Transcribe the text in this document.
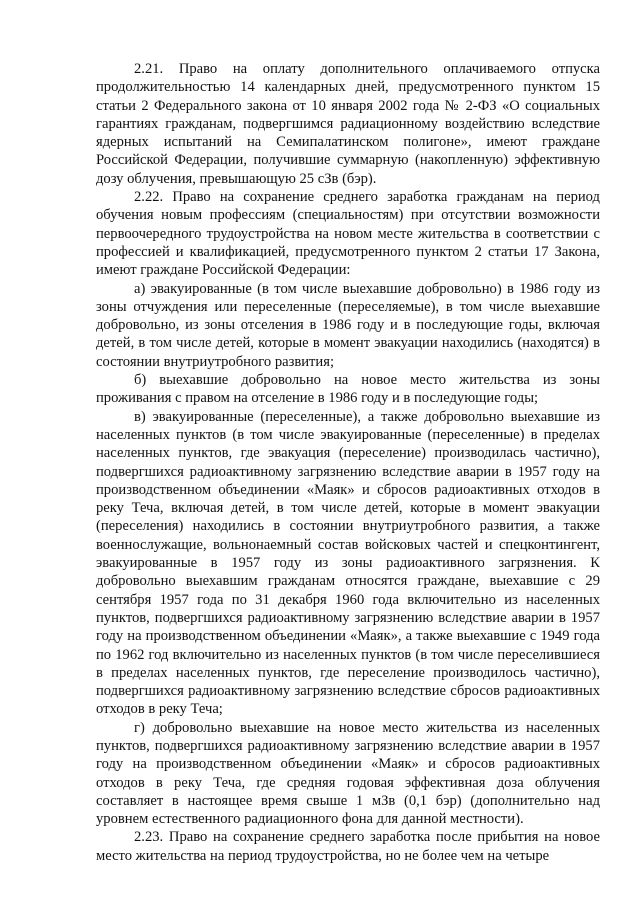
2.21. Право на оплату дополнительного оплачиваемого отпуска продолжительностью 14 календарных дней, предусмотренного пунктом 15 статьи 2 Федерального закона от 10 января 2002 года № 2-ФЗ «О социальных гарантиях гражданам, подвергшимся радиационному воздействию вследствие ядерных испытаний на Семипалатинском полигоне», имеют граждане Российской Федерации, получившие суммарную (накопленную) эффективную дозу облучения, превышающую 25 сЗв (бэр).

2.22. Право на сохранение среднего заработка гражданам на период обучения новым профессиям (специальностям) при отсутствии возможности первоочередного трудоустройства на новом месте жительства в соответствии с профессией и квалификацией, предусмотренного пунктом 2 статьи 17 Закона, имеют граждане Российской Федерации:

а) эвакуированные (в том числе выехавшие добровольно) в 1986 году из зоны отчуждения или переселенные (переселяемые), в том числе выехавшие добровольно, из зоны отселения в 1986 году и в последующие годы, включая детей, в том числе детей, которые в момент эвакуации находились (находятся) в состоянии внутриутробного развития;

б) выехавшие добровольно на новое место жительства из зоны проживания с правом на отселение в 1986 году и в последующие годы;

в) эвакуированные (переселенные), а также добровольно выехавшие из населенных пунктов (в том числе эвакуированные (переселенные) в пределах населенных пунктов, где эвакуация (переселение) производилась частично), подвергшихся радиоактивному загрязнению вследствие аварии в 1957 году на производственном объединении «Маяк» и сбросов радиоактивных отходов в реку Теча, включая детей, в том числе детей, которые в момент эвакуации (переселения) находились в состоянии внутриутробного развития, а также военнослужащие, вольнонаемный состав войсковых частей и спецконтингент, эвакуированные в 1957 году из зоны радиоактивного загрязнения. К добровольно выехавшим гражданам относятся граждане, выехавшие с 29 сентября 1957 года по 31 декабря 1960 года включительно из населенных пунктов, подвергшихся радиоактивному загрязнению вследствие аварии в 1957 году на производственном объединении «Маяк», а также выехавшие с 1949 года по 1962 год включительно из населенных пунктов (в том числе переселившиеся в пределах населенных пунктов, где переселение производилось частично), подвергшихся радиоактивному загрязнению вследствие сбросов радиоактивных отходов в реку Теча;

г) добровольно выехавшие на новое место жительства из населенных пунктов, подвергшихся радиоактивному загрязнению вследствие аварии в 1957 году на производственном объединении «Маяк» и сбросов радиоактивных отходов в реку Теча, где средняя годовая эффективная доза облучения составляет в настоящее время свыше 1 мЗв (0,1 бэр) (дополнительно над уровнем естественного радиационного фона для данной местности).

2.23. Право на сохранение среднего заработка после прибытия на новое место жительства на период трудоустройства, но не более чем на четыре
